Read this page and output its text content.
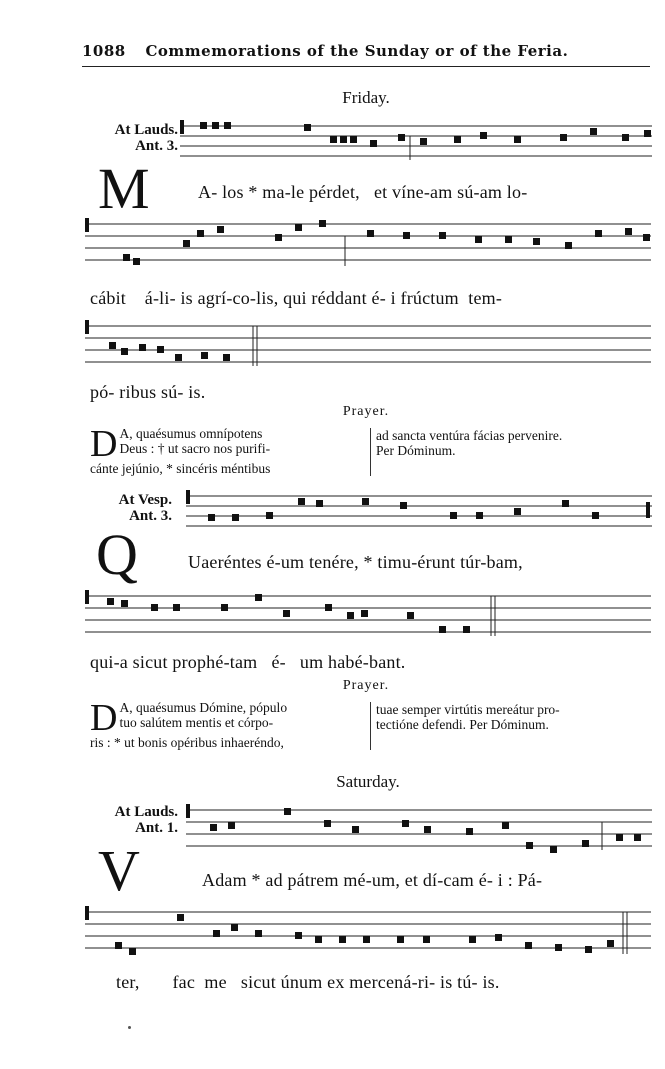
1088 Commemorations of the Sunday or of the Feria.
Friday.
At Lauds.
Ant. 3.
M	A- los * ma-le pérdet,   et víne-am sú-am lo-
cábit    á-li- is agrí-co-lis, qui réddant é- i frúctum  tem-
pó- ribus sú- is.
Prayer.
D A, quaésumus omnípotens
Deus : † ut sacro nos purifi-
cánte jejúnio, * sincéris méntibus
ad sancta ventúra fácias pervenire.
Per Dóminum.
At Vesp.
Ant. 3.
Q	Uaeréntes é-um tenére, * timu-érunt túr-bam,
qui-a sicut prophé-tam   é-   um habé-bant.
Prayer.
D A, quaésumus Dómine, pópulo
tuo salútem mentis et córpo-
ris : * ut bonis opéribus inhaeréndo,
tuae semper virtútis mereátur pro-
tectióne defendi. Per Dóminum.
Saturday.
At Lauds.
Ant. 1.
V	Adam * ad pátrem mé-um, et dí-cam é- i : Pá-
ter,       fac  me   sicut únum ex mercená-ri- is tú- is.
